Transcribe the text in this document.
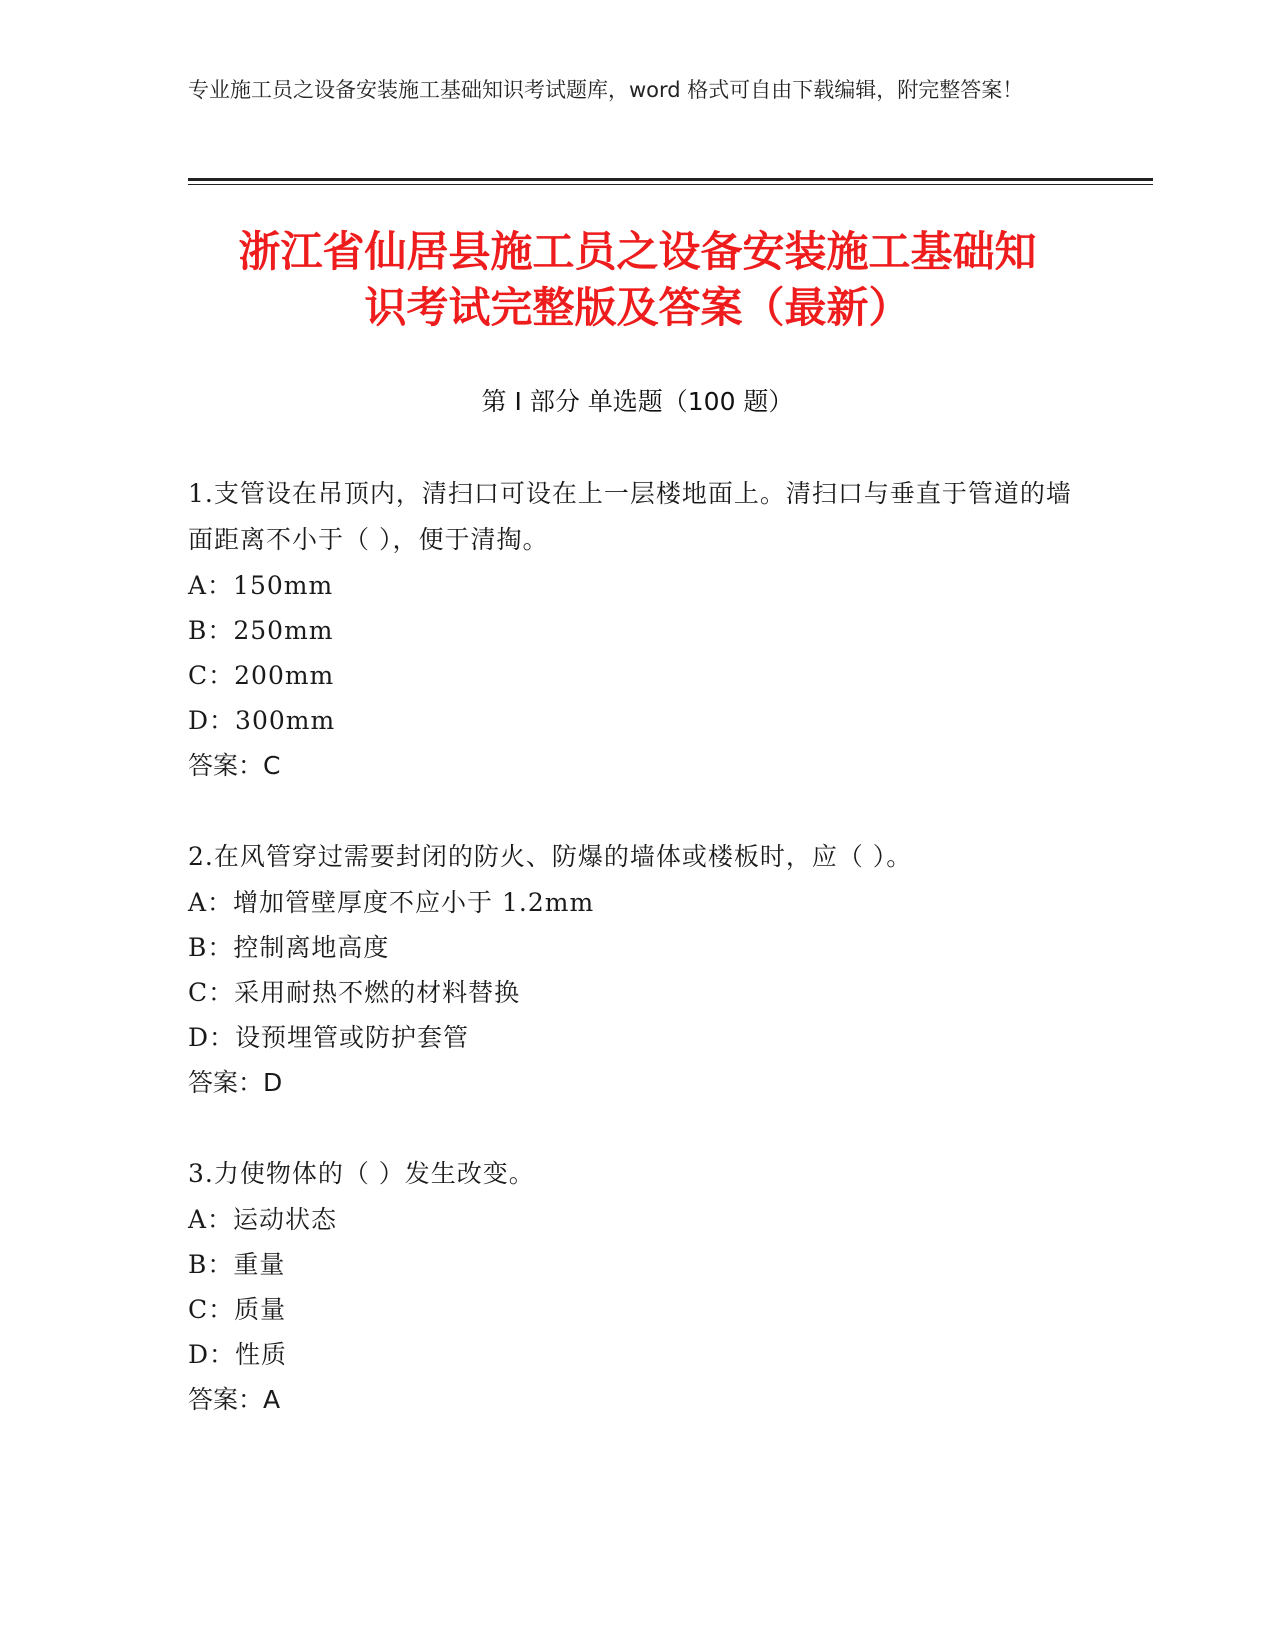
专业施工员之设备安装施工基础知识考试题库，word 格式可自由下载编辑，附完整答案！
浙江省仙居县施工员之设备安装施工基础知
识考试完整版及答案（最新）
第 I 部分 单选题（100 题）

1.支管设在吊顶内，清扫口可设在上一层楼地面上。清扫口与垂直于管道的墙面距离不小于（ ），便于清掏。

A：150mm

B：250mm

C：200mm

D：300mm

答案：C

2.在风管穿过需要封闭的防火、防爆的墙体或楼板时，应（ ）。

A：增加管壁厚度不应小于 1.2mm

B：控制离地高度

C：采用耐热不燃的材料替换

D：设预埋管或防护套管

答案：D

3.力使物体的（ ）发生改变。

A：运动状态

B：重量

C：质量

D：性质

答案：A
